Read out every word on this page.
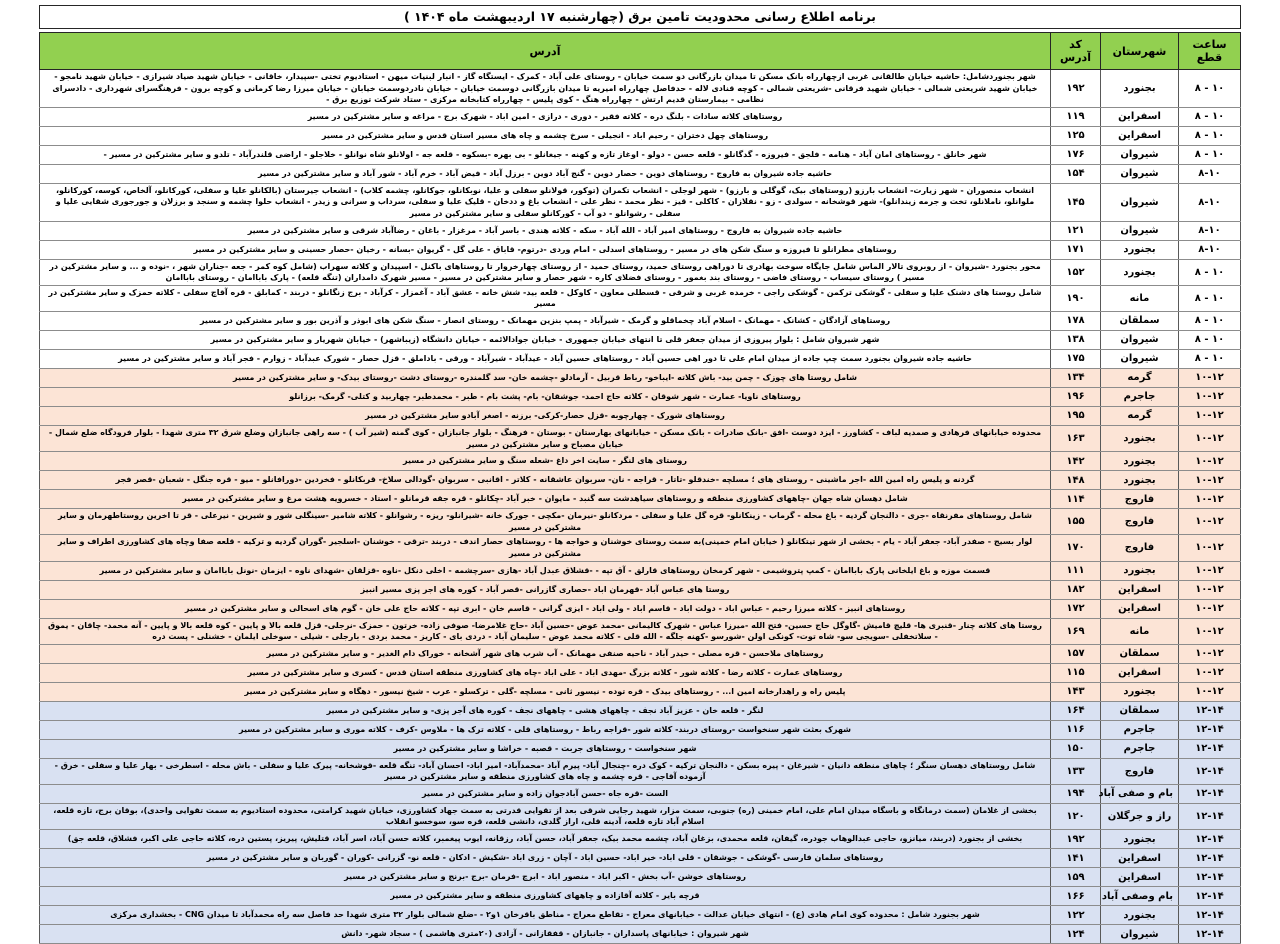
برنامه اطلاع رسانی محدودیت تامین برق (چهارشنبه ۱۷ اردیبهشت ماه ۱۴۰۴ )
ساعت قطع	شهرستان	کد آدرس	آدرس
۸ - ۱۰	بجنورد	۱۹۲	شهر بجنوردشامل: حاشیه خیابان طالقانی غربی ازچهارراه بانک مسکن تا میدان بازرگانی دو سمت خیابان - روستای علی آباد - کمرک - ایستگاه گاز - انبار لبنیات میهن - استادیوم تختی -سپیدار، خاقانی - خیابان شهید صیاد شیرازی - خیابان شهید نامجو - خیابان شهید شریعتی شمالی - خیابان شهید فرقانی -شریعتی شمالی - کوچه قنادی لاله - حدفاصل چهارراه امیریه تا میدان بازرگانی دوسمت خیابان - خیابان نادردوسمت خیابان - خیابان میرزا رضا کرمانی و کوچه برون - فرهنگسرای شهرداری - دادسرای نظامی - بیمارستان قدیم ارتش - چهارراه هنگ - کوی پلیس - چهارراه کتابخانه مرکزی - ستاد شرکت توزیع برق -
۸ - ۱۰	اسفراین	۱۱۹	روستاهای کلاته سادات - بلنگ دره - کلاته فقیر - دوری - درازی - امین اباد - شهرک برج - مراغه و سایر مشترکین در مسیر
۸ - ۱۰	اسفراین	۱۲۵	روستاهای چهل دختران - رحیم اباد - انجیلی - سرخ چشمه و چاه های مسیر استان قدس و سایر مشترکین در مسیر
۸ - ۱۰	شیروان	۱۷۶	شهر خانلق - روستاهای امان آباد - هنامه - فلجق - فیروزه - گدگانلو - قلعه حسن - دولو - اوغاز تازه و کهنه - جیغانلو - بی بهره -بسکوه - قلعه جه - اولانلو شاه نوانلو - خلاجلو - اراضی قلندرآباد - تلدو و سایر مشترکین در مسیر -
۸-۱۰	شیروان	۱۵۴	حاشیه جاده شیروان به فاروج - روستاهای دوین - حصار دوین - گنج آباد دوین - برزل آباد - فیض آباد - خرم آباد - شور آباد و سایر مشترکین در مسیر
۸-۱۰	شیروان	۱۴۵	انشعاب منصوران - شهر زیارت- انشعاب بارزو (روستاهای بیک، گوگلی و بارزو) - شهر لوجلی - انشعاب تکمران (توکور، قولانلو سفلی و علیا، نوبکانلو، جوکانلو، چشمه کلاب) - انشعاب جیرستان (بالکانلو علیا و سفلی، کورکانلو، آلخاص، کوسه، کورکانلو، ملوانلو، ناملانلو، تخت و جرمه زیندانلو)- شهر قوشخانه - سولدی - زو - نقلازان - کاکلی - قیز - نظر محمد - نظر علی - انشعاب باغ و ددخان - قلیک علیا و سفلی، سرداب و سرانی و زیدر - انشعاب حلوا چشمه و سنجد و برزلان و جورجوری شقایی علیا و سفلی - رشوانلو - دو آب - کورکانلو سفلی و سایر مشترکین در مسیر
۸-۱۰	شیروان	۱۲۱	حاشیه جاده شیروان به فاروج - روستاهای امیر آباد - الله آباد - سکه - کلاته هندی - باسر آباد - مرغزار - باغان - رضاآباد شرقی و سایر مشترکین در مسیر
۸-۱۰	بجنورد	۱۷۱	روستاهای مطرانلو تا فیروزه و سنگ شکن های در مسیر - روستاهای اسدلی - امام وردی -درتوم- قاباق - علی گل - گریوان -بسانه - رخیان -حصار حسینی و سایر مشترکین در مسیر
۸ - ۱۰	بجنورد	۱۵۲	محور بجنورد -شیروان - از روبروی تالار الماس شامل جایگاه سوخت بهادری تا دوراهی روستای حمید، روستای حمید - از روستای چهارخروار تا روستاهای باکنل - اسپیدان و کلاته سهراب (شامل کوه کمر - جعه -جناران شهر ، -نوده و ... و سایر مشترکین در مسیر ) روستای سیساب - روستای فاضی - روستای بند بغمور - روستای فضلای کاره - شهر حصار و سایر مشترکین در مسیر - مسیر شهرک دامداران (تنگه قلعه) - پارک باباامان - روستای باباامان
۸ - ۱۰	مانه	۱۹۰	شامل روستا های دشنک علیا و سفلی - گوشکی ترکمن - گوشکی راجی - خرمده غربی و شرقی - قسطلی معاون - کاوکل - قلعه بید- شش خانه - عشق آباد - آغمزار - کرآباد - برج زنگانلو - دربند - کمابلق - قره آقاچ سفلی - کلاته حمزک و سایر مشترکین در مسیر
۸ - ۱۰	سملقان	۱۷۸	روستاهای آزادگان - کشانک - مهمانک - اسلام آباد چخماقلو و گرمک - شیرآباد - پمپ بنزین مهمانک - روستای انصار - سنگ شکن های ابوذر و آذرین بور و سایر مشترکین در مسیر
۸ - ۱۰	شیروان	۱۳۸	شهر شیروان شامل : بلوار پیروزی از میدان جعفر قلی تا انتهای خیابان جمهوری - خیابان جوادالائمه - خیابان دانشگاه (زیباشهر) - خیابان شهریار و سایر مشترکین در مسیر
۸ - ۱۰	شیروان	۱۷۵	حاشیه جاده شیروان بجنورد سمت چپ جاده از میدان امام علی تا دور اهی حسین آباد - روستاهای حسین آباد - عیدآباد - شیرآباد - ورقی - باداملق - قزل حصار - شورک عبدآباد - زوارم - فجر آباد و سایر مشترکین در مسیر
۱۰-۱۲	گرمه	۱۳۴	شامل روستا های چوزک - چمن بید- باش کلاته -ایباخو- رباط قربیل - آرمادلو -چشمه خان- سد گلمندره -روستای دشت -روستای بیدک- و سایر مشترکین در مسیر
۱۰-۱۲	جاجرم	۱۹۶	روستاهای ناویا- عمارت - شهر شوقان - کلاته حاج احمد- جوشقان- بام- پشت بام - طبر - محمدطبر- چهاربید و کتلی- گرمک- برزانلو
۱۰-۱۲	گرمه	۱۹۵	روستاهای شورک - چهارچوبه -قزل حصار-کرکی- برزنه - اصغر آبادو سایر مشترکین در مسیر
۱۰-۱۲	بجنورد	۱۶۳	محدوده خیابانهای فرهادی و صمدیه لباف - کشاورز - ایزد دوست -افق -بانک صادرات - بانک مسکن - خیابانهای بهارستان - بوستان - فرهنگ - بلوار جانبازان - کوی گمنه (شیر آب ) - سه راهی جانبازان وضلع شرق ۳۲ متری شهدا - بلوار فرودگاه ضلع شمال - خیابان مصباح و سایر مشترکین در مسیر
۱۰-۱۲	بجنورد	۱۴۲	روستای های لنگر - سایت اخر داغ -شعله سنگ و سایر مشترکین در مسیر
۱۰-۱۲	بجنورد	۱۴۸	گردنه و پلیس راه امین الله -اجر ماشینی - روستای های ؛ مسلچه -خندقلو -تاتار - قراجه - نان- سربوان عاشقانه - کلاتر - اقانبی - سربوان -گودالی سلاخ- قربکانلو - فخردین -دورافانلو - میو - قره جنگل - شعبان -قصر فجر
۱۰-۱۲	فاروج	۱۱۴	شامل دهسان شاه جهان -چاههای کشاورزی منطقه و روستاهای سیاهدشت سه گنبد - مایوان - خبر آباد -چکانلو - قره جقه قرمانلو - استاد - خسرویه هشت مرغ و سایر مشترکین در مسیر
۱۰-۱۲	فاروج	۱۵۵	شامل روستاهای مفرنقاه -جری - دالنجان گردیه - باغ محله - گرماب - زینکانلو- قره گل علیا و سفلی - مردکانلو -نیرمان -مکچی - جورک خانه -شیرانلو- ریزه - رشوانلو - کلاته شامیر -سینگلی شور و شیرین - نیرعلی - قر تا اخرین روستاطهرمان و سایر مشترکین در مسیر
۱۰-۱۲	فاروج	۱۷۰	لوار بسیج - صفدر آباد- جعفر آباد - یام - بخشی از شهر تیتکانلو ( خیابان امام خمینی)به سمت روستای خوشنان و خواجه ها - روستاهای حصار اندف - دربند -ترقی - خوشنان -اسلجیر -گوران گردیه و ترکیه - قلعه صفا وچاه های کشاورزی اطراف و سایر مشترکین در مسیر
۱۰-۱۲	بجنورد	۱۱۱	قسمت موزه و باغ ایلخانی پارک باباامان - کمپ پتروشیمی - شهر کرمخان روستاهای قارلق - آق تپه - -قشلاق عبدل آباد -هازی -سرچشمه - اخلی دنکل -ناوه -قزلقان -شهدای ناوه - ایزمان -نونل باباامان و سایر مشترکین در مسیر
۱۰-۱۲	اسفراین	۱۸۲	روستا های عباس آباد -قهرمان اباد -حصاری گازرانی -قصر آباد - کوره های اجر پزی مسیر انبیز
۱۰-۱۲	اسفراین	۱۷۲	روستاهای انبیز - کلاته میرزا رحیم - عباس اباد - دولت اباد - قاسم اباد - ولی اباد - ایزی گرانی - قاسم خان - ابری تپه - کلاته حاج علی خان - گوم های اسحالی و سایر مشترکین در مسیر
۱۰-۱۲	مانه	۱۶۹	روستا های کلاته چنار -قنبری ها- قلیچ قامیش -گاوگل حاج حسین- فتح الله -میرزا عباس - شهرک کالیمانی -محمد عوض -حسین آباد -حاج غلامرضا- صوفی زاده- خرتون - حمزک -نرجلی- قزل قلعه بالا و پایین - کوه قلعه بالا و پایین - آنه محمد- چاقان - یموق - سلاتخفلی -سویجی سو- شاه توت- کونکی اولن -شورسو -کهنه جلگه - الله قلی - کلاته محمد عوض - سلیمان آباد - دردی بای - کاریز - محمد بردی - بارجلی - شیلی - سوخلی ایلمان - خشنلی - پست دره
۱۰-۱۲	سملقان	۱۵۷	روستاهای ملاحسن - قره مصلی - حیدر آباد - ناحیه صنفی مهمانک - آب شرب های شهر آشخانه - خوراک دام الغدیر - و سایر مشترکین در مسیر
۱۰-۱۲	اسفراین	۱۱۵	روستاهای عمارت - کلاته رضا - کلاته شور - کلاته بزرگ -مهدی اباد - علی اباد -چاه های کشاورزی منطقه استان قدس - کسری و سایر مشترکین در مسیر
۱۰-۱۲	بجنورد	۱۴۳	پلیس راه و راهدارخانه امین ا... - روستاهای بیدک - قره توده - نیسور ثانی - مسلچه -گلی - ترکسلو - عرب - شیخ نیسور - دهگاه و سایر مشترکین در مسیر
۱۲-۱۴	سملقان	۱۶۴	لنگر - قلعه خان - عزیز آباد نجف - چاههای هشی - چاههای نجف - کوره های آجر پزی- و سایر مشترکین در مسیر
۱۲-۱۴	جاجرم	۱۱۶	شهرک بعثت شهر سنخواست -روستای دربند- کلاته شور -قراجه رباط - روستاهای قلی - کلاته ترک ها - ملاوس -کرف - کلاته موری و سایر مشترکین در مسیر
۱۲-۱۴	جاجرم	۱۵۰	شهر سنخواست - روستاهای جربت - قصبه - خراشا و سایر مشترکین در مسیر
۱۲-۱۴	فاروج	۱۳۳	شامل روستاهای دهسان سنگر ؛ چاهای منطقه دانیان - شیرغان - پیره بسکن - دالنجان ترکیه - کوک دره -چنجال آباد- پیرم آباد -محمدآباد- امیر اباد- احسان آباد- تنگه قلعه -قوشخانه- پیرک علیا و سفلی - باش محله - اسطرخی - بهار علیا و سفلی - خرق - آزموده آقاجی - قره چشمه و چاه های کشاورزی منطقه و سایر مشترکین در مسیر
۱۲-۱۴	بام و صفی آباد	۱۹۴	الست -قره جاه -حسن آبادجوان زاده و سایر مشترکین در مسیر
۱۲-۱۴	راز و جرگلان	۱۲۰	بخشی از غلامان (سمت درمانگاه و باسگاه میدان امام علی، امام خمینی (ره) جنوبی، سمت مزار، شهید رجایی شرقی بعد از تقوایی قدرتی به سمت جهاد کشاورزی، خیابان شهید کرامتی، محدوده استادیوم به سمت تقوایی واحدی)، بوقان برج، تازه قلعه، اسلام آباد تازه قلعه، آدینه قلی، اراز گلدی، دانشی قلعه، قره سو، سوخسو انقلاب
۱۲-۱۴	بجنورد	۱۹۲	بخشی از بجنورد (دربند، میانزو، حاجی عبدالوهاب جودره، گیفان، قلعه محمدی، بزغان آباد، چشمه محمد بیک، جعفر آباد، حسن آباد، رزقانه، ایوب پیغمبر، کلاته حسن آباد، اسر آباد، قتلیش، پیریز، پستین دره، کلاته حاجی علی اکبر، فشلاق، قلعه جق)
۱۲-۱۴	اسفراین	۱۴۱	روستاهای سلمان فارسی -گوشکی - جوشقان - قلی اباد- خیر اباد- حسین اباد - آچان - زری اباد -شکیش - ادکان - قلعه نو- گزرانی -کوران - گوربان و سایر مشترکین در مسیر
۱۲-۱۴	اسفراین	۱۵۹	روستاهای خوشن -آب بخش - اکبر اباد - منصور اباد - ابرچ -فرمان -برج -برنج و سایر مشترکین در مسیر
۱۲-۱۴	بام وصفی آباد	۱۶۶	قرچه بایر - کلاته آقازاده و چاههای کشاورزی منطقه و سایر مشترکین در مسیر
۱۲-۱۴	بجنورد	۱۲۲	شهر بجنورد شامل : محدوده کوی امام هادی (ع) - انتهای خیابان عدالت - خیابانهای معراج - تقاطع معراج - مناطق باقرخان ۱و۲ - -ضلع شمالی بلوار ۳۲ متری شهدا حد فاصل سه راه محمدآباد تا میدان CNG - بخشداری مرکزی
۱۲-۱۴	شیروان	۱۲۴	شهر شیروان : خیابانهای پاسداران - جانبازان - قفقازانی - آزادی (۲۰متری هاشمی ) - سجاد شهر- دانش
